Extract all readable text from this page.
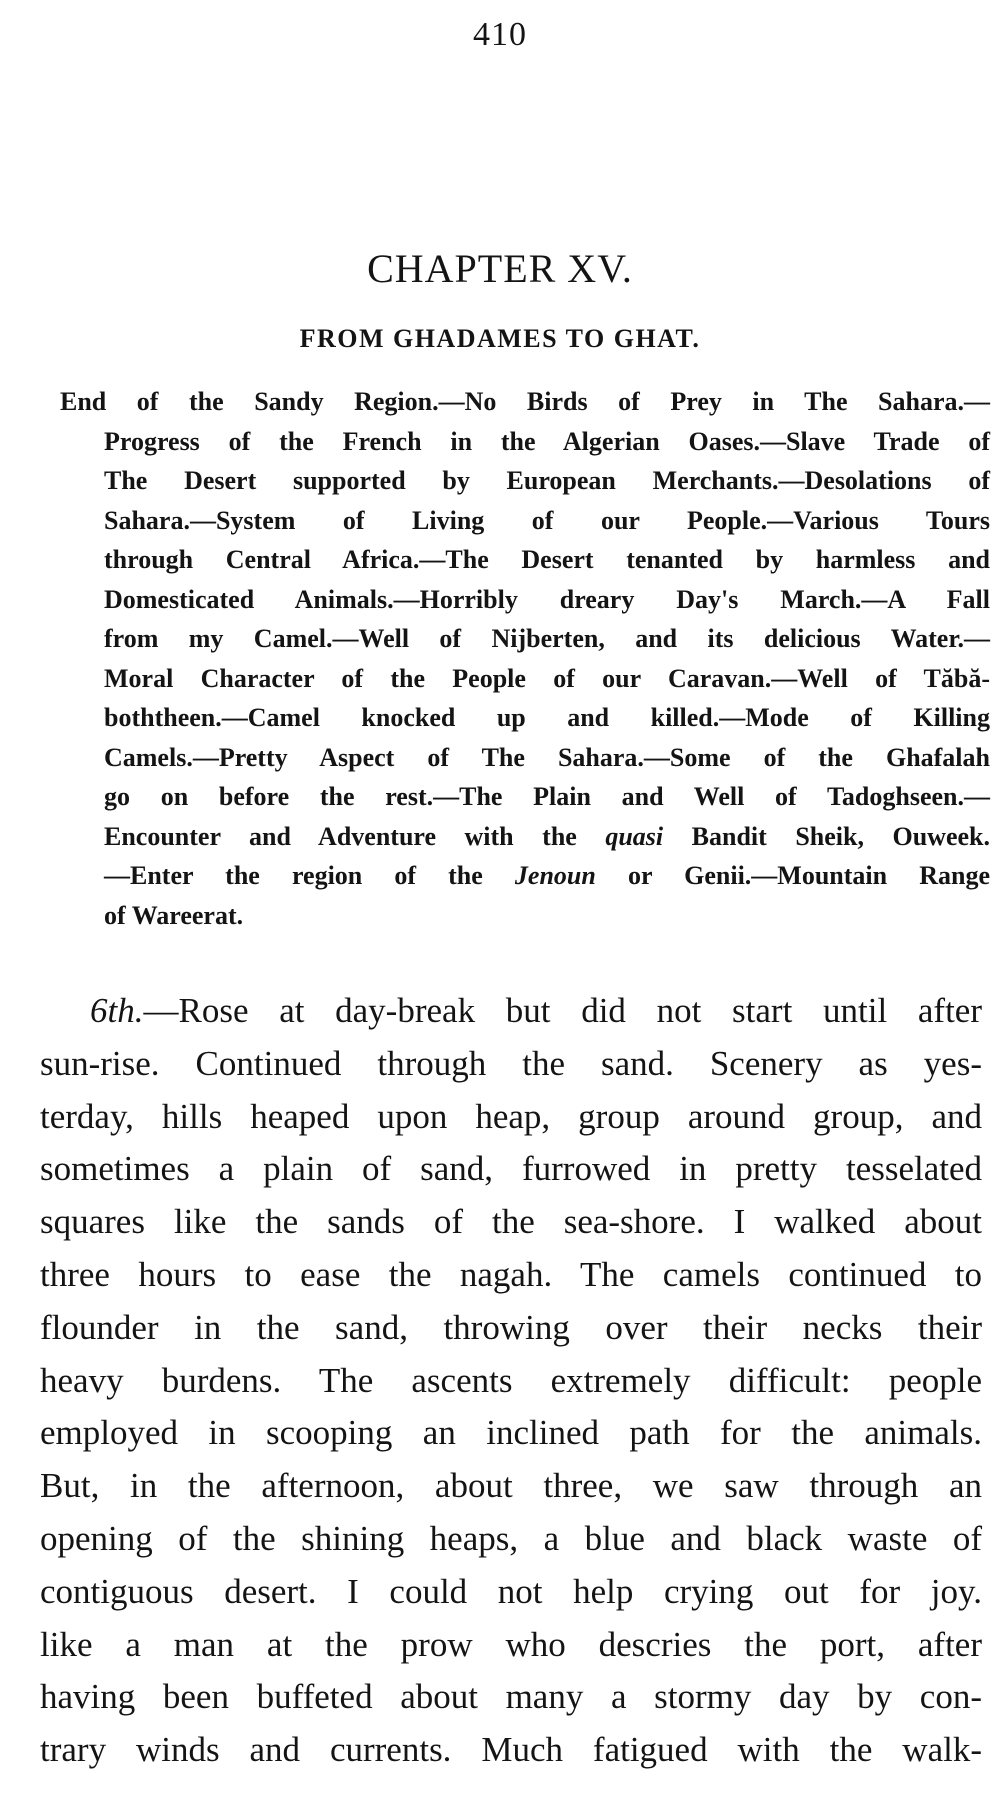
410
CHAPTER XV.
FROM GHADAMES TO GHAT.
End of the Sandy Region.—No Birds of Prey in The Sahara.—
Progress of the French in the Algerian Oases.—Slave Trade of
The Desert supported by European Merchants.—Desolations of
Sahara.—System of Living of our People.—Various Tours
through Central Africa.—The Desert tenanted by harmless and
Domesticated Animals.—Horribly dreary Day's March.—A Fall
from my Camel.—Well of Nijberten, and its delicious Water.—
Moral Character of the People of our Caravan.—Well of Tăbă-
boththeen.—Camel knocked up and killed.—Mode of Killing
Camels.—Pretty Aspect of The Sahara.—Some of the Ghafalah
go on before the rest.—The Plain and Well of Tadoghseen.—
Encounter and Adventure with the quasi Bandit Sheik, Ouweek.
—Enter the region of the Jenoun or Genii.—Mountain Range
of Wareerat.
6th.—Rose at day-break but did not start until after
sun-rise. Continued through the sand. Scenery as yes-
terday, hills heaped upon heap, group around group, and
sometimes a plain of sand, furrowed in pretty tesselated
squares like the sands of the sea-shore. I walked about
three hours to ease the nagah. The camels continued to
flounder in the sand, throwing over their necks their
heavy burdens. The ascents extremely difficult: people
employed in scooping an inclined path for the animals.
But, in the afternoon, about three, we saw through an
opening of the shining heaps, a blue and black waste of
contiguous desert. I could not help crying out for joy.
like a man at the prow who descries the port, after
having been buffeted about many a stormy day by con-
trary winds and currents. Much fatigued with the walk-
